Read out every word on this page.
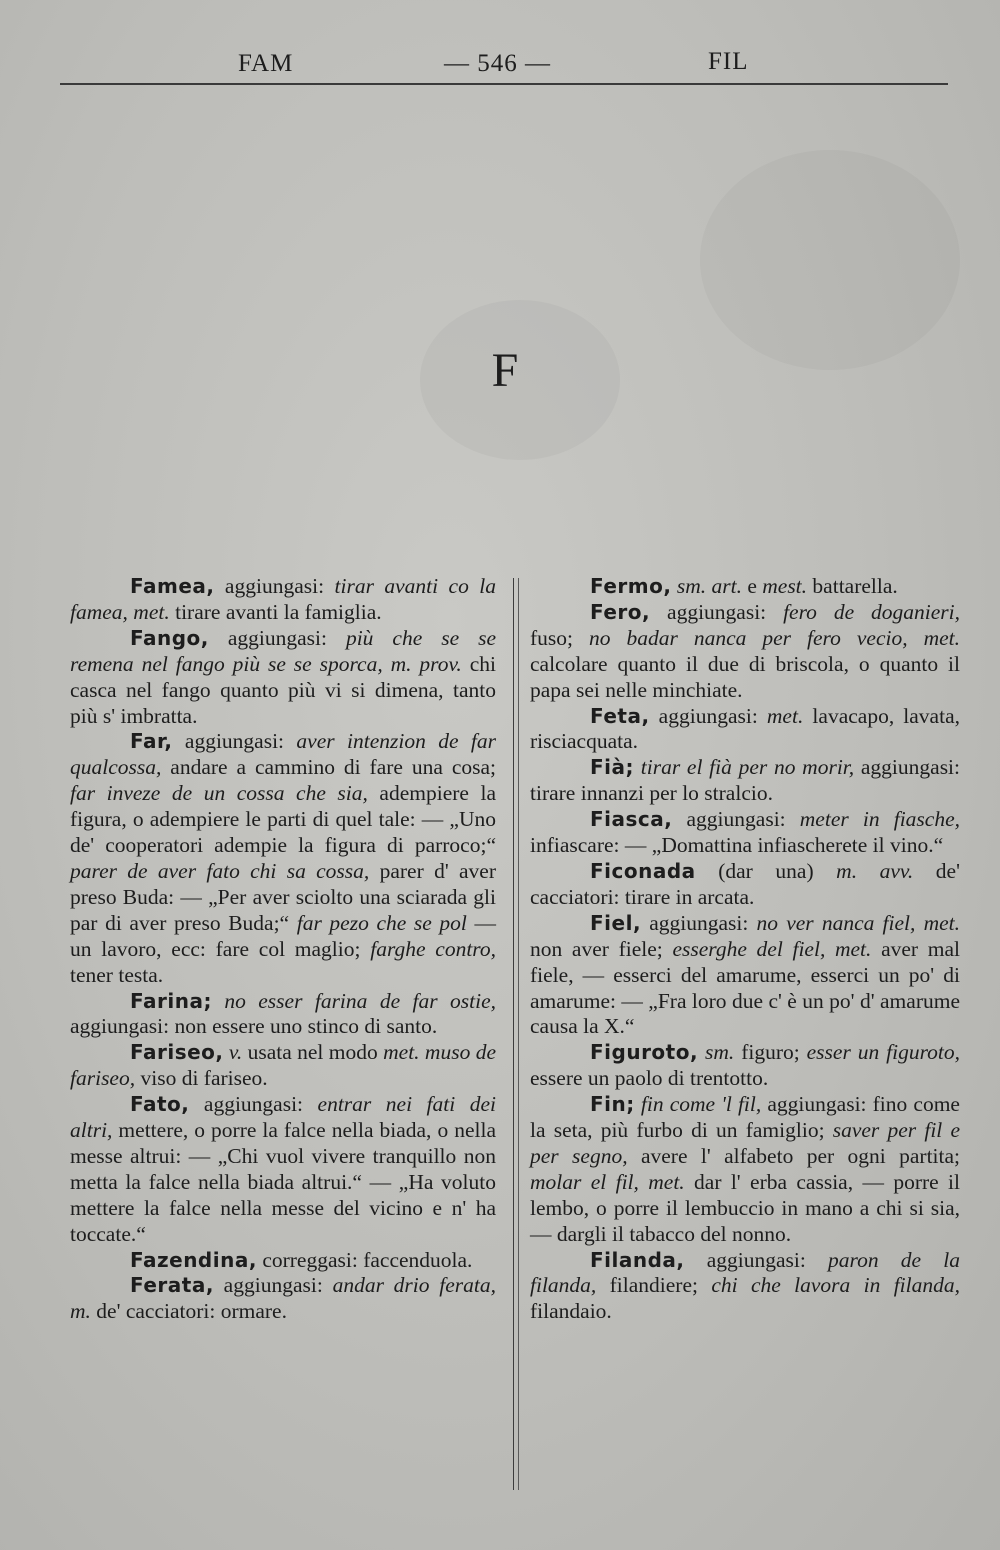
FAM	— 546 —	FIL
F

Famea, aggiungasi: tirar avanti co la famea, met. tirare avanti la famiglia.

Fango, aggiungasi: più che se se remena nel fango più se se sporca, m. prov. chi casca nel fango quanto più vi si dimena, tanto più s' imbratta.

Far, aggiungasi: aver intenzion de far qualcossa, andare a cammino di fare una cosa; far inveze de un cossa che sia, adempiere la figura, o adempiere le parti di quel tale: — „Uno de' cooperatori adempie la figura di parroco;“ parer de aver fato chi sa cossa, parer d' aver preso Buda: — „Per aver sciolto una sciarada gli par di aver preso Buda;“ far pezo che se pol — un lavoro, ecc: fare col maglio; farghe contro, tener testa.

Farina; no esser farina de far ostie, aggiungasi: non essere uno stinco di santo.

Fariseo, v. usata nel modo met. muso de fariseo, viso di fariseo.

Fato, aggiungasi: entrar nei fati dei altri, mettere, o porre la falce nella biada, o nella messe altrui: — „Chi vuol vivere tranquillo non metta la falce nella biada altrui.“ — „Ha voluto mettere la falce nella messe del vicino e n' ha toccate.“

Fazendina, correggasi: faccenduola.

Ferata, aggiungasi: andar drio ferata, m. de' cacciatori: ormare.

Fermo, sm. art. e mest. battarella.

Fero, aggiungasi: fero de doganieri, fuso; no badar nanca per fero vecio, met. calcolare quanto il due di briscola, o quanto il papa sei nelle minchiate.

Feta, aggiungasi: met. lavacapo, lavata, risciacquata.

Fià; tirar el fià per no morir, aggiungasi: tirare innanzi per lo stralcio.

Fiasca, aggiungasi: meter in fiasche, infiascare: — „Domattina infiascherete il vino.“

Ficonada (dar una) m. avv. de' cacciatori: tirare in arcata.

Fiel, aggiungasi: no ver nanca fiel, met. non aver fiele; esserghe del fiel, met. aver mal fiele, — esserci del amarume, esserci un po' di amarume: — „Fra loro due c' è un po' d' amarume causa la X.“

Figuroto, sm. figuro; esser un figuroto, essere un paolo di trentotto.

Fin; fin come 'l fil, aggiungasi: fino come la seta, più furbo di un famiglio; saver per fil e per segno, avere l' alfabeto per ogni partita; molar el fil, met. dar l' erba cassia, — porre il lembo, o porre il lembuccio in mano a chi si sia, — dargli il tabacco del nonno.

Filanda, aggiungasi: paron de la filanda, filandiere; chi che lavora in filanda, filandaio.
